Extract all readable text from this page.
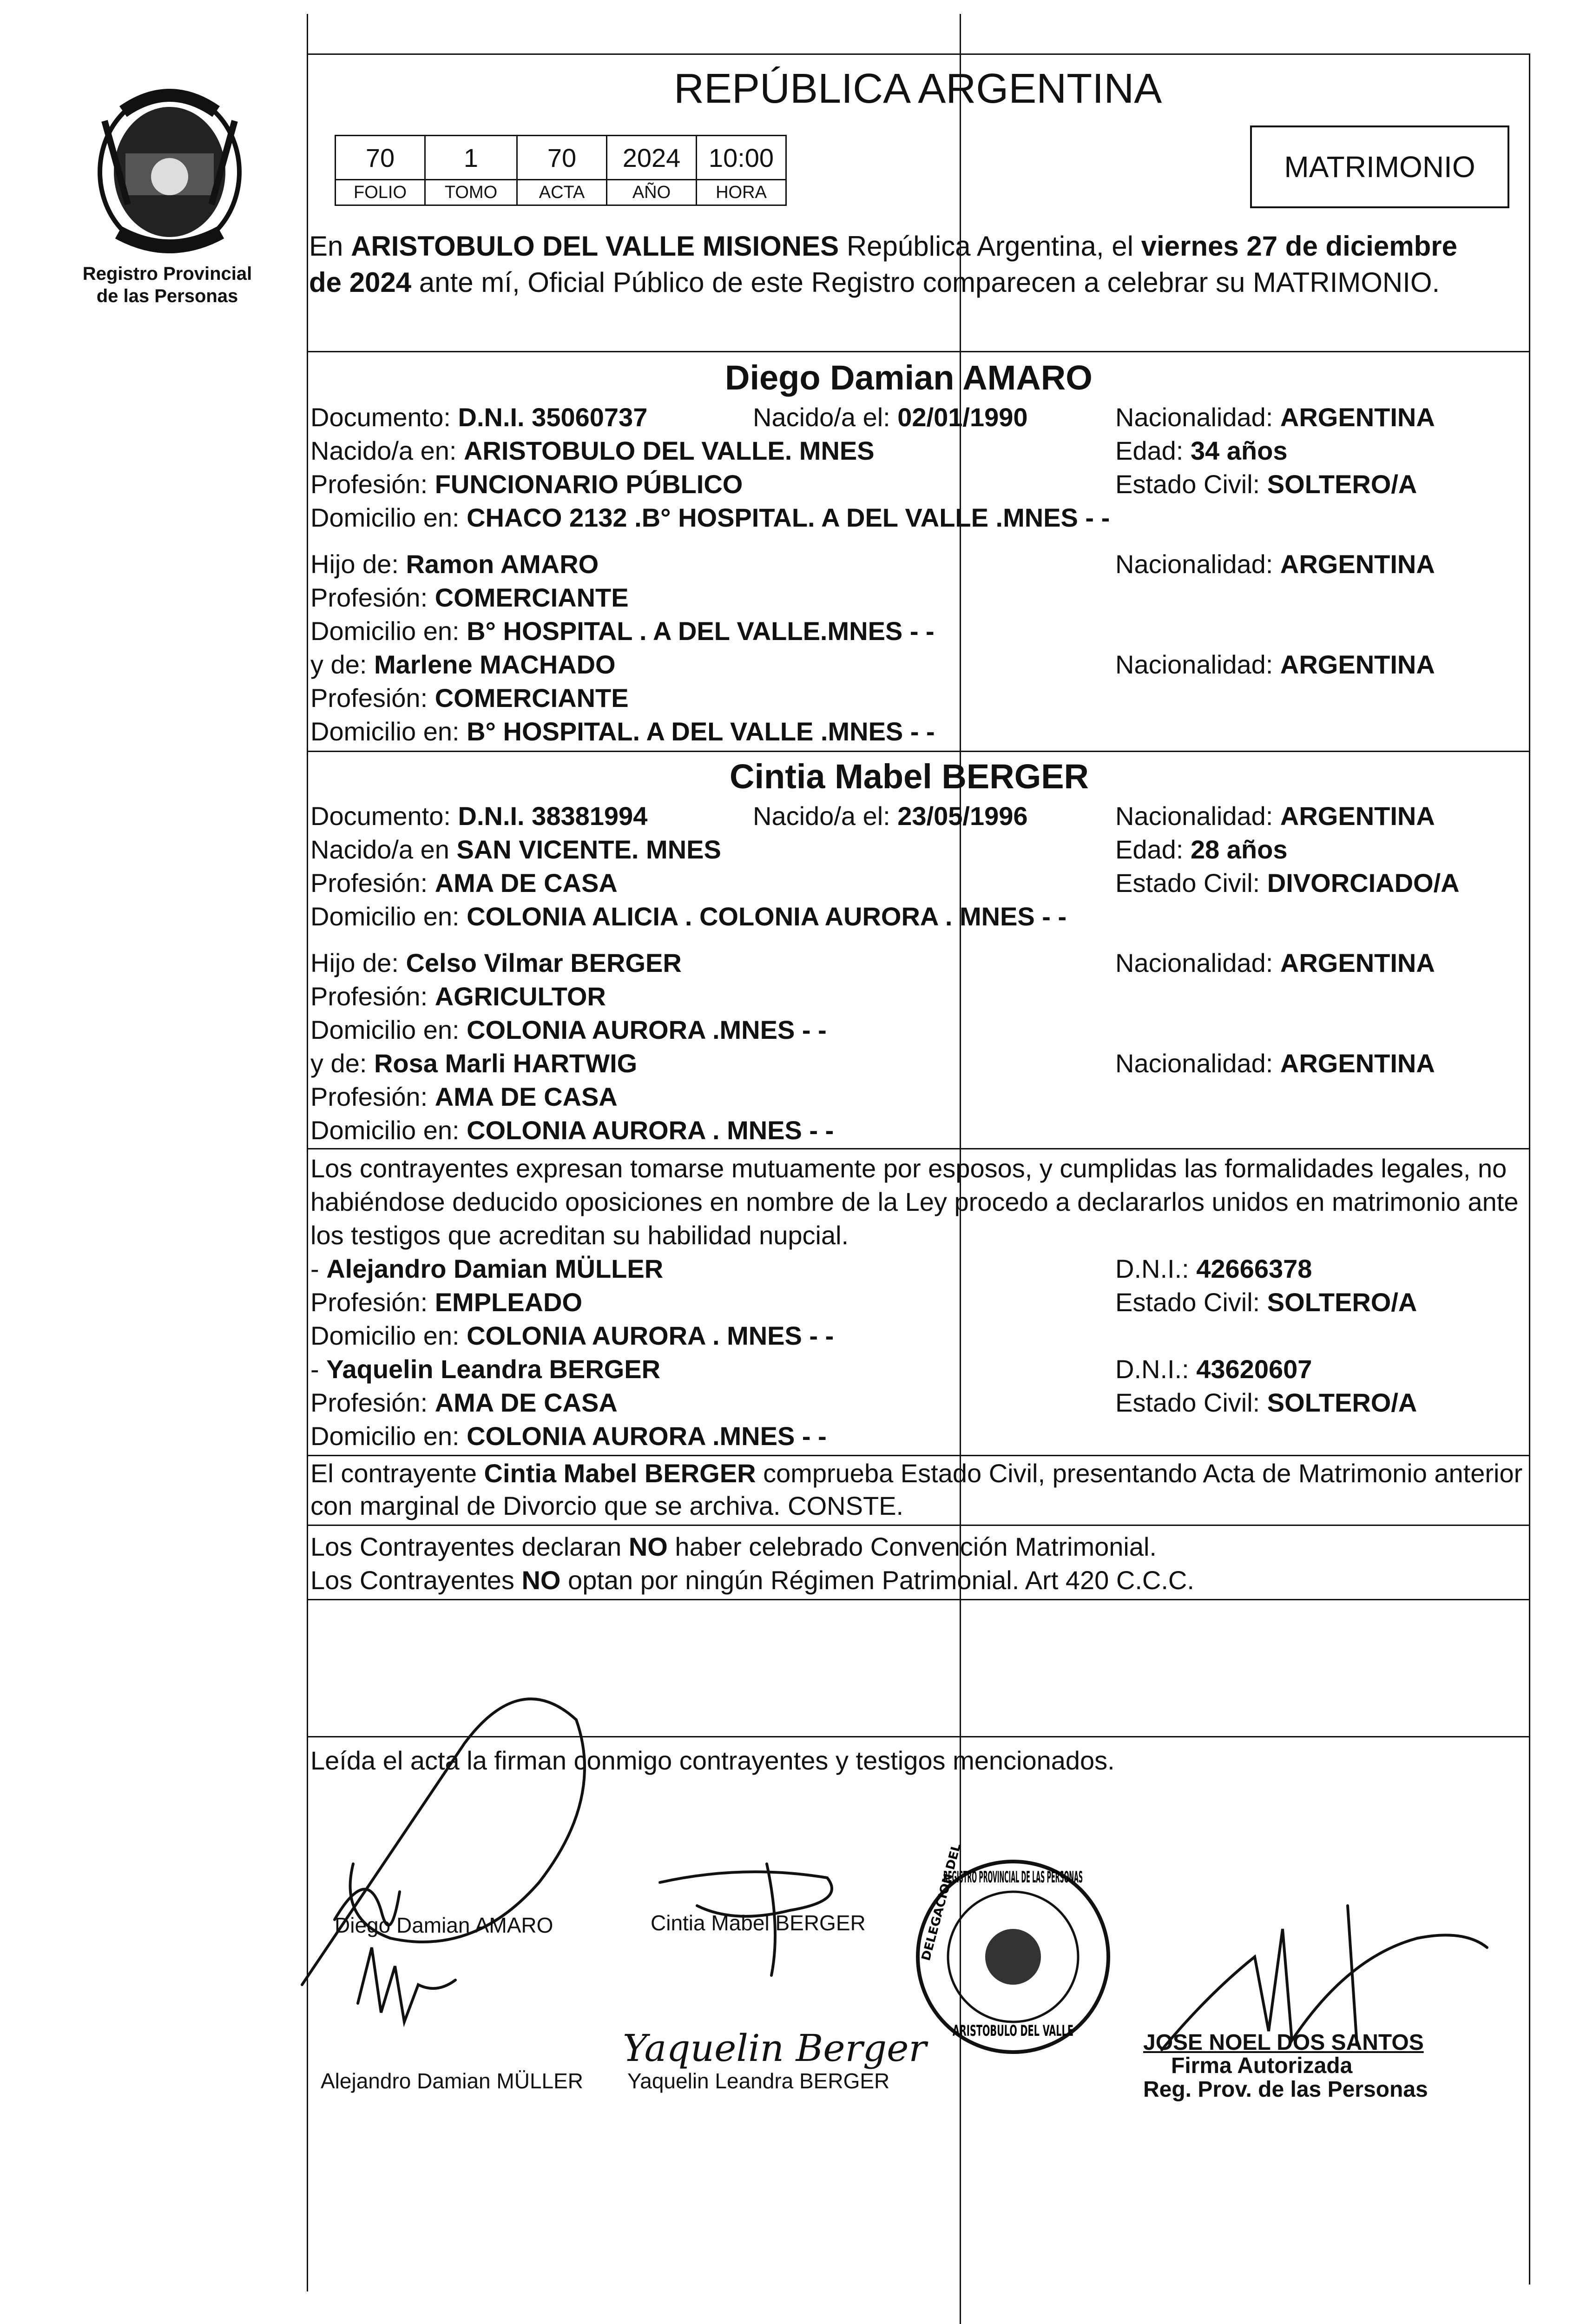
Registro Provincial
de las Personas
REPÚBLICA ARGENTINA
70	1	70	2024	10:00
FOLIO	TOMO	ACTA	AÑO	HORA
MATRIMONIO
En ARISTOBULO DEL VALLE MISIONES República Argentina, el viernes 27 de diciembre
de 2024 ante mí, Oficial Público de este Registro comparecen a celebrar su MATRIMONIO.
Diego Damian AMARO
Documento: D.N.I. 35060737	Nacido/a el: 02/01/1990	Nacionalidad: ARGENTINA
Nacido/a en: ARISTOBULO DEL VALLE. MNES	Edad: 34 años
Profesión: FUNCIONARIO PÚBLICO	Estado Civil: SOLTERO/A
Domicilio en: CHACO 2132 .B° HOSPITAL. A DEL VALLE .MNES - -
Hijo de: Ramon AMARO	Nacionalidad: ARGENTINA
Profesión: COMERCIANTE
Domicilio en: B° HOSPITAL . A DEL VALLE.MNES - -
y de: Marlene MACHADO	Nacionalidad: ARGENTINA
Profesión: COMERCIANTE
Domicilio en: B° HOSPITAL. A DEL VALLE .MNES - -
Cintia Mabel BERGER
Documento: D.N.I. 38381994	Nacido/a el: 23/05/1996	Nacionalidad: ARGENTINA
Nacido/a en SAN VICENTE. MNES	Edad: 28 años
Profesión: AMA DE CASA	Estado Civil: DIVORCIADO/A
Domicilio en: COLONIA ALICIA . COLONIA AURORA . MNES - -
Hijo de: Celso Vilmar BERGER	Nacionalidad: ARGENTINA
Profesión: AGRICULTOR
Domicilio en: COLONIA AURORA .MNES - -
y de: Rosa Marli HARTWIG	Nacionalidad: ARGENTINA
Profesión: AMA DE CASA
Domicilio en: COLONIA AURORA . MNES - -
Los contrayentes expresan tomarse mutuamente por esposos, y cumplidas las formalidades legales, no
habiéndose deducido oposiciones en nombre de la Ley procedo a declararlos unidos en matrimonio ante
los testigos que acreditan su habilidad nupcial.
- Alejandro Damian MÜLLER	D.N.I.: 42666378
Profesión: EMPLEADO	Estado Civil: SOLTERO/A
Domicilio en: COLONIA AURORA . MNES - -
- Yaquelin Leandra BERGER	D.N.I.: 43620607
Profesión: AMA DE CASA	Estado Civil: SOLTERO/A
Domicilio en: COLONIA AURORA .MNES - -
El contrayente Cintia Mabel BERGER comprueba Estado Civil, presentando Acta de Matrimonio anterior
con marginal de Divorcio que se archiva. CONSTE.
Los Contrayentes declaran NO haber celebrado Convención Matrimonial.
Los Contrayentes NO optan por ningún Régimen Patrimonial. Art 420 C.C.C.
Leída el acta la firman conmigo contrayentes y testigos mencionados.
REGISTRO PROVINCIAL DE LAS PERSONAS
ARISTOBULO DEL VALLE
DELEGACION DEL
Diego Damian AMARO	Cintia Mabel BERGER
Alejandro Damian MÜLLER Yaquelin Leandra BERGER
Yaquelin Berger	JOSE NOEL DOS SANTOS
Firma Autorizada
Reg. Prov. de las Personas
